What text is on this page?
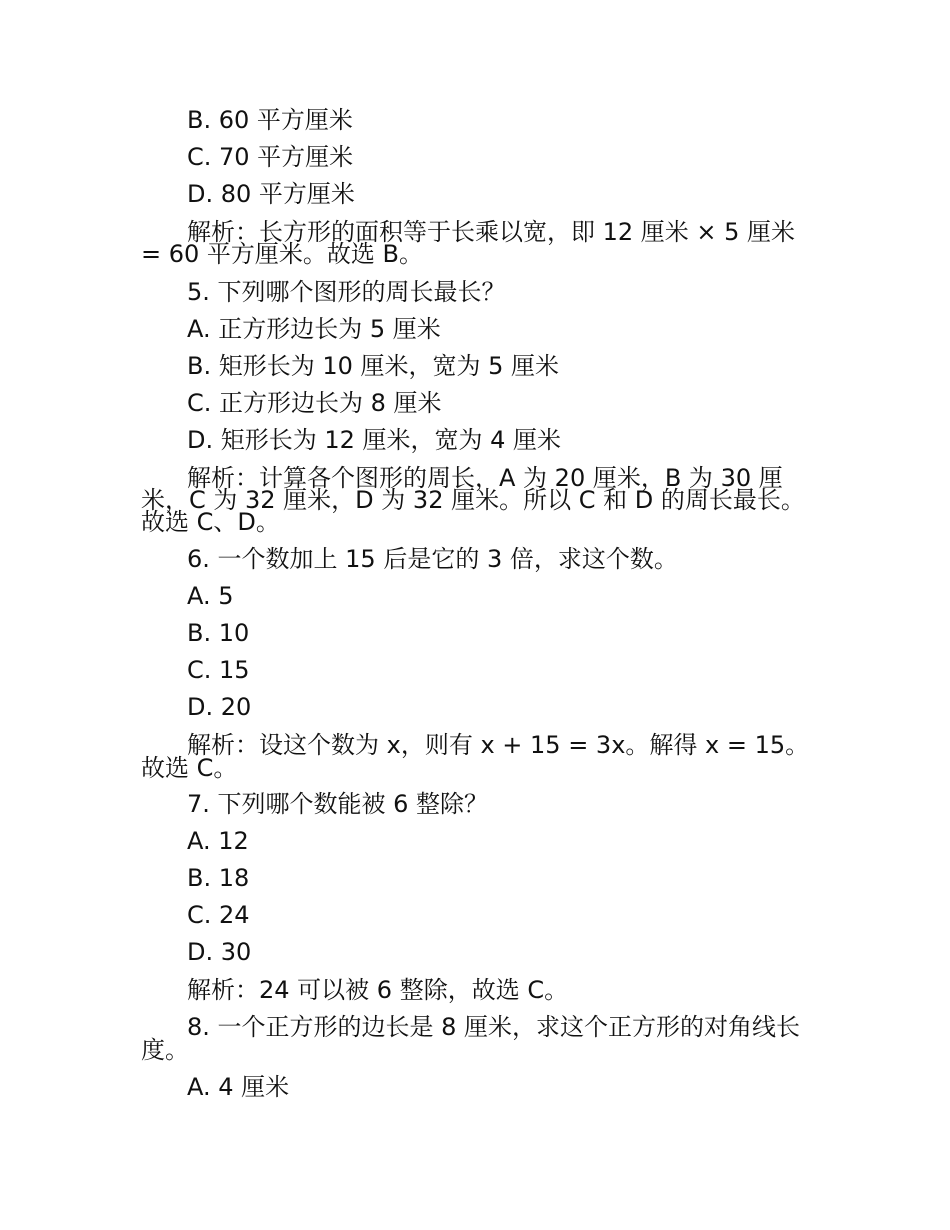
B. 60 平方厘米
C. 70 平方厘米
D. 80 平方厘米
解析：长方形的面积等于长乘以宽，即 12 厘米 × 5 厘米
= 60 平方厘米。故选 B。
5. 下列哪个图形的周长最长？
A. 正方形边长为 5 厘米
B. 矩形长为 10 厘米，宽为 5 厘米
C. 正方形边长为 8 厘米
D. 矩形长为 12 厘米，宽为 4 厘米
解析：计算各个图形的周长，A 为 20 厘米，B 为 30 厘
米，C 为 32 厘米，D 为 32 厘米。所以 C 和 D 的周长最长。
故选 C、D。
6. 一个数加上 15 后是它的 3 倍，求这个数。
A. 5
B. 10
C. 15
D. 20
解析：设这个数为 x，则有 x + 15 = 3x。解得 x = 15。
故选 C。
7. 下列哪个数能被 6 整除？
A. 12
B. 18
C. 24
D. 30
解析：24 可以被 6 整除，故选 C。
8. 一个正方形的边长是 8 厘米，求这个正方形的对角线长
度。
A. 4 厘米
